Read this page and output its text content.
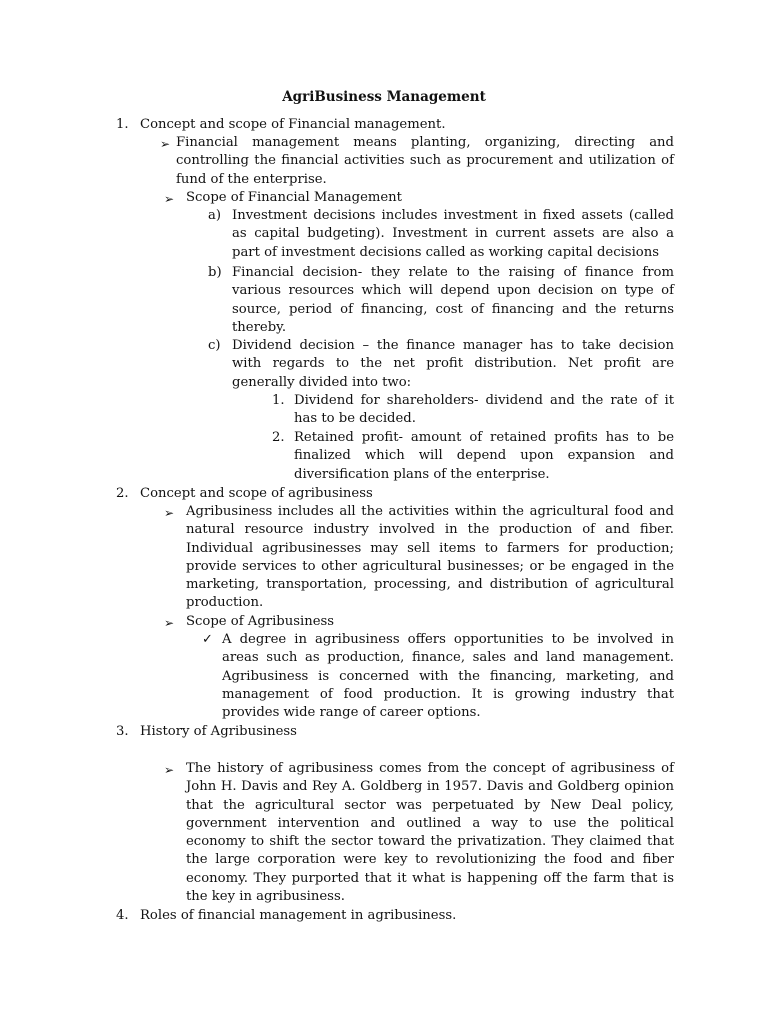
AgriBusiness Management
1. Concept and scope of Financial management.
➢ Financial management means planting, organizing, directing and controlling the financial activities such as procurement and utilization of fund of the enterprise.
➢ Scope of Financial Management
a) Investment decisions includes investment in fixed assets (called as capital budgeting). Investment in current assets are also a part of investment decisions called as working capital decisions
b) Financial decision- they relate to the raising of finance from various resources which will depend upon decision on type of source, period of financing, cost of financing and the returns thereby.
c) Dividend decision – the finance manager has to take decision with regards to the net profit distribution. Net profit are generally divided into two:
1. Dividend for shareholders- dividend and the rate of it has to be decided.
2. Retained profit- amount of retained profits has to be finalized which will depend upon expansion and diversification plans of the enterprise.
2. Concept and scope of agribusiness
➢ Agribusiness includes all the activities within the agricultural food and natural resource industry involved in the production of and fiber. Individual agribusinesses may sell items to farmers for production; provide services to other agricultural businesses; or be engaged in the marketing, transportation, processing, and distribution of agricultural production.
➢ Scope of Agribusiness
✓ A degree in agribusiness offers opportunities to be involved in areas such as production, finance, sales and land management. Agribusiness is concerned with the financing, marketing, and management of food production. It is growing industry that provides wide range of career options.
3. History of Agribusiness
➢ The history of agribusiness comes from the concept of agribusiness of John H. Davis and Rey A. Goldberg in 1957. Davis and Goldberg opinion that the agricultural sector was perpetuated by New Deal policy, government intervention and outlined a way to use the political economy to shift the sector toward the privatization. They claimed that the large corporation were key to revolutionizing the food and fiber economy. They purported that it what is happening off the farm that is the key in agribusiness.
4. Roles of financial management in agribusiness.
